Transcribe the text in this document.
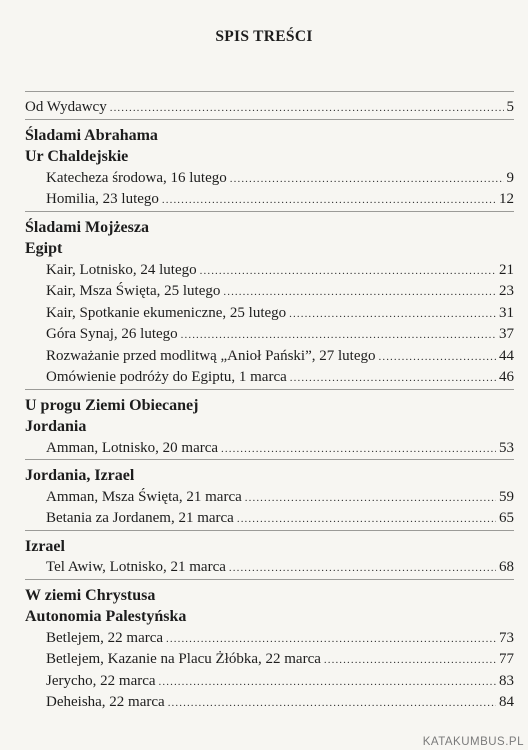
SPIS TREŚCI
Od Wydawcy .....	5
Śladami Abrahama
Ur Chaldejskie
Katecheza środowa, 16 lutego .....	9
Homilia, 23 lutego .....	12
Śladami Mojżesza
Egipt
Kair, Lotnisko, 24 lutego .....	21
Kair, Msza Święta, 25 lutego .....	23
Kair, Spotkanie ekumeniczne, 25 lutego .....	31
Góra Synaj, 26 lutego .....	37
Rozważanie przed modlitwą „Anioł Pański”, 27 lutego .....	44
Omówienie podróży do Egiptu, 1 marca .....	46
U progu Ziemi Obiecanej
Jordania
Amman, Lotnisko, 20 marca .....	53
Jordania, Izrael
Amman, Msza Święta, 21 marca .....	59
Betania za Jordanem, 21 marca .....	65
Izrael
Tel Awiw, Lotnisko, 21 marca .....	68
W ziemi Chrystusa
Autonomia Palestyńska
Betlejem, 22 marca .....	73
Betlejem, Kazanie na Placu Żłóbka, 22 marca .....	77
Jerycho, 22 marca .....	83
Deheisha, 22 marca .....	84
KATAKUMBUS.PL
